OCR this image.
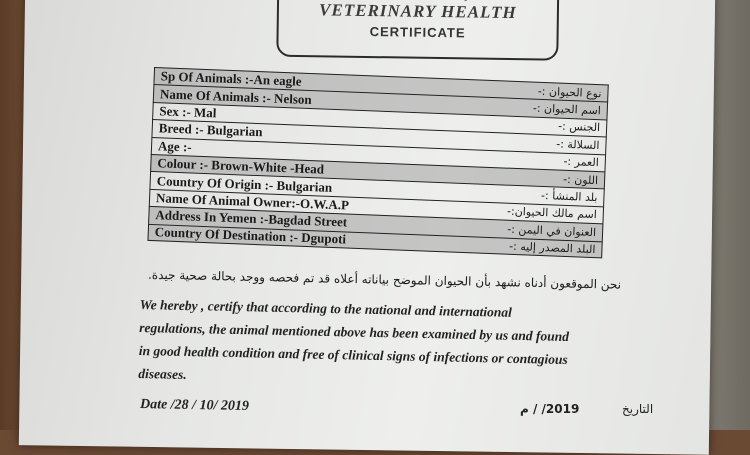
VETERINARY HEALTH
CERTIFICATE
Sp Of Animals :-An eagle
نوع الحيوان :-
Name Of Animals :- Nelson
اسم الحيوان :-
Sex :- Mal
الجنس :-
Breed :- Bulgarian
السلالة :-
Age :-
العمر :-
Colour :- Brown-White -Head
اللون :-
Country Of Origin :- Bulgarian
بلد المنشأ :-
Name Of Animal Owner:-O.W.A.P
اسم مالك الحيوان:-
Address In Yemen :-Bagdad Street
العنوان في اليمن :-
Country Of Destination :- Dgupoti
البلد المصدر إليه :-
نحن الموقعون أدناه نشهد بأن الحيوان الموضح بياناته أعلاه قد تم فحصه ووجد بحالة صحية جيدة.
We hereby , certify that according to the national and international
regulations, the animal mentioned above has been examined by us and found
in good health condition and free of clinical signs of infections or contagious
diseases.
Date /28 / 10/ 2019	2019/ / م	التاريخ
